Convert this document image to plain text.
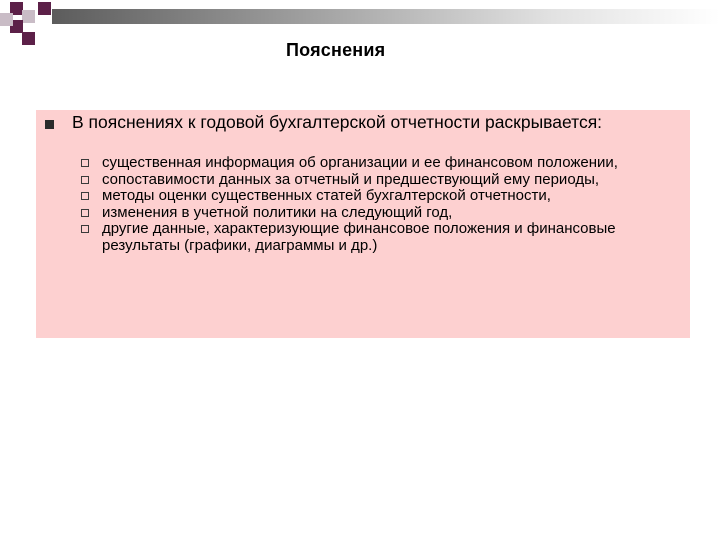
Пояснения

В пояснениях к годовой бухгалтерской отчетности раскрывается:

существенная информация об организации и ее финансовом положении,
сопоставимости данных за отчетный и предшествующий ему периоды,
методы оценки существенных статей бухгалтерской отчетности,
изменения в учетной политики на следующий год,
другие данные, характеризующие финансовое положения и финансовые результаты (графики, диаграммы и др.)
